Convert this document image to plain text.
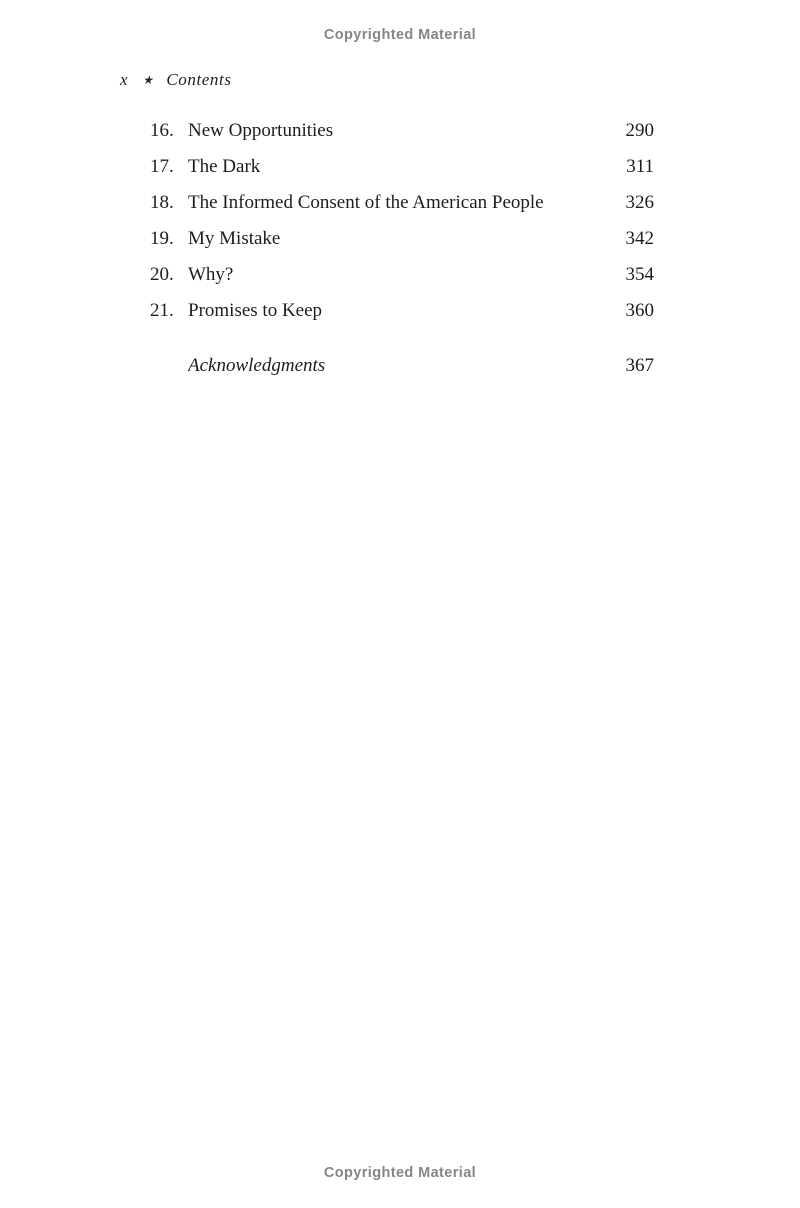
Copyrighted Material
x ★ Contents
16. New Opportunities	290
17. The Dark	311
18. The Informed Consent of the American People	326
19. My Mistake	342
20. Why?	354
21. Promises to Keep	360
Acknowledgments	367
Copyrighted Material
